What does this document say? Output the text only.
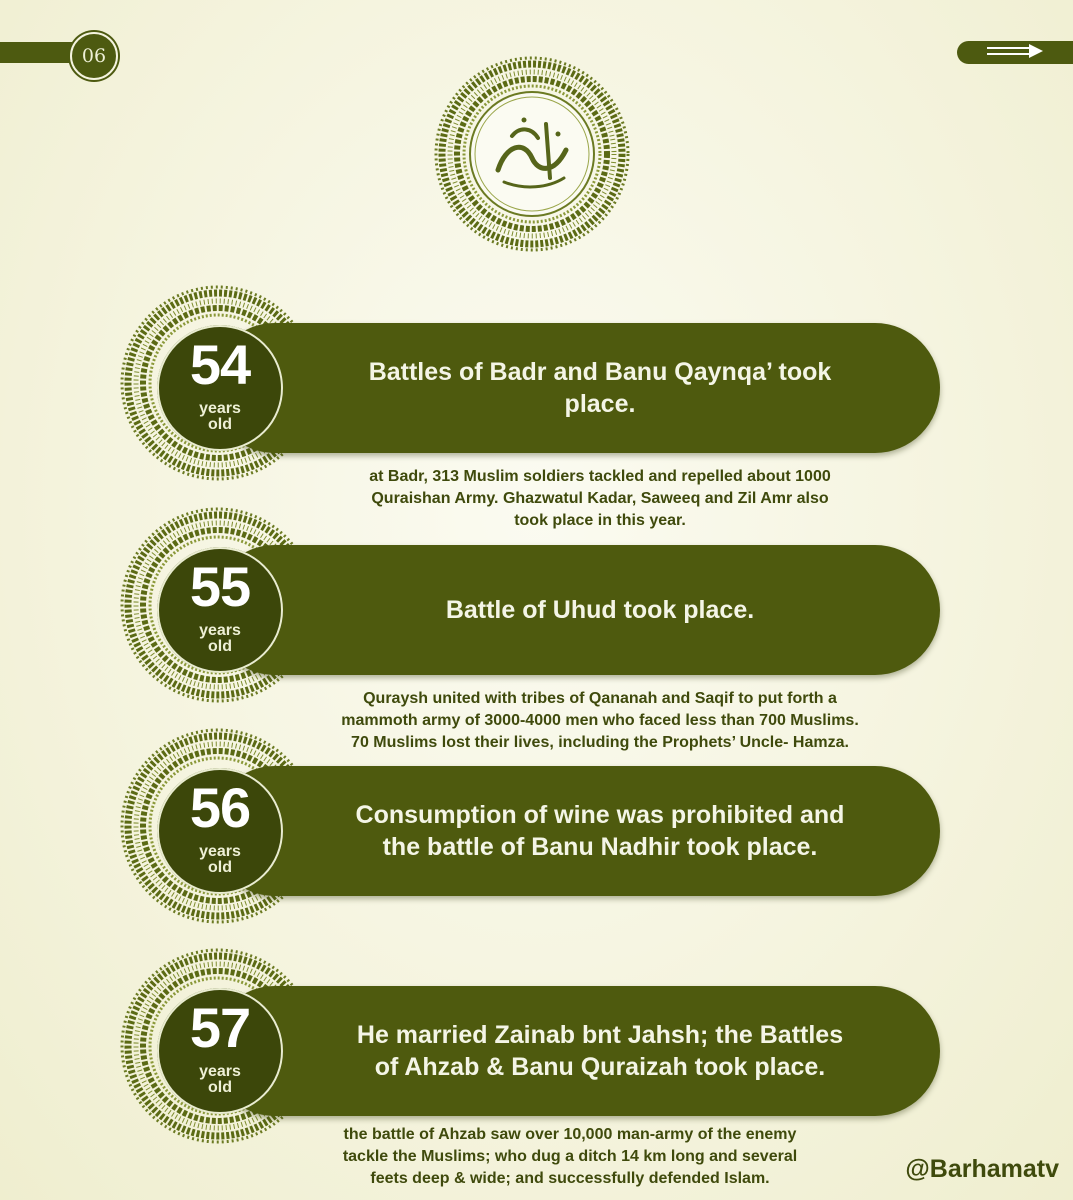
06
54
years
old
Battles of Badr and Banu Qaynqa’ took
place.
at Badr, 313 Muslim soldiers tackled and repelled about 1000
Quraishan Army. Ghazwatul Kadar, Saweeq and Zil Amr also
took place in this year.
55
years
old
Battle of Uhud took place.
Quraysh united with tribes of Qananah and Saqif to put forth a
mammoth army of 3000-4000 men who faced less than 700 Muslims.
70 Muslims lost their lives, including the Prophets’ Uncle- Hamza.
56
years
old
Consumption of wine was prohibited and
the battle of Banu Nadhir took place.
57
years
old
He married Zainab bnt Jahsh; the Battles
of Ahzab & Banu Quraizah took place.
the battle of Ahzab saw over 10,000 man-army of the enemy
tackle the Muslims; who dug a ditch 14 km long and several
feets deep & wide; and successfully defended Islam.	@Barhamatv
